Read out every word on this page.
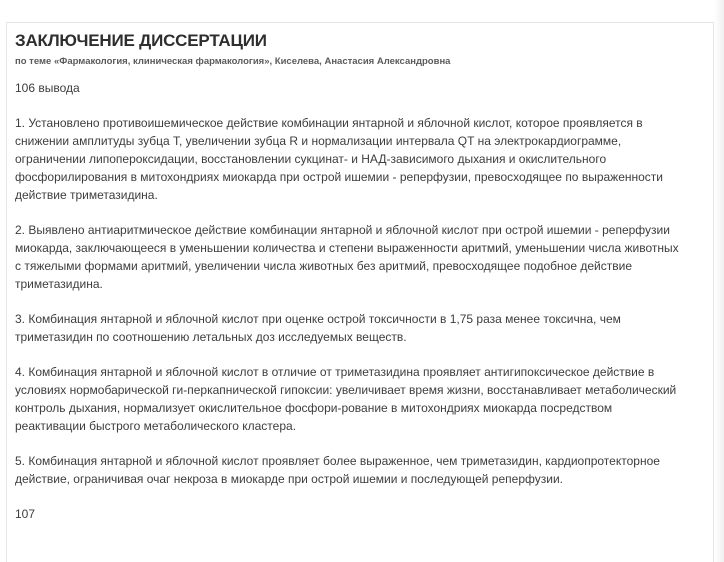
ЗАКЛЮЧЕНИЕ ДИССЕРТАЦИИ
по теме «Фармакология, клиническая фармакология», Киселева, Анастасия Александровна

106 вывода

1. Установлено противоишемическое действие комбинации янтарной и яблочной кислот, которое проявляется в снижении амплитуды зубца Т, увеличении зубца R и нормализации интервала QT на электрокардиограмме, ограничении липопероксидации, восстановлении сукцинат- и НАД-зависимого дыхания и окислительного фосфорилирования в митохондриях миокарда при острой ишемии - реперфузии, превосходящее по выраженности действие триметазидина.

2. Выявлено антиаритмическое действие комбинации янтарной и яблочной кислот при острой ишемии - реперфузии миокарда, заключающееся в уменьшении количества и степени выраженности аритмий, уменьшении числа животных с тяжелыми формами аритмий, увеличении числа животных без аритмий, превосходящее подобное действие триметазидина.

3. Комбинация янтарной и яблочной кислот при оценке острой токсичности в 1,75 раза менее токсична, чем триметазидин по соотношению летальных доз исследуемых веществ.

4. Комбинация янтарной и яблочной кислот в отличие от триметазидина проявляет антигипоксическое действие в условиях нормобарической ги-перкапнической гипоксии: увеличивает время жизни, восстанавливает метаболический контроль дыхания, нормализует окислительное фосфори-рование в митохондриях миокарда посредством реактивации быстрого метаболического кластера.

5. Комбинация янтарной и яблочной кислот проявляет более выраженное, чем триметазидин, кардиопротекторное действие, ограничивая очаг некроза в миокарде при острой ишемии и последующей реперфузии.

107
